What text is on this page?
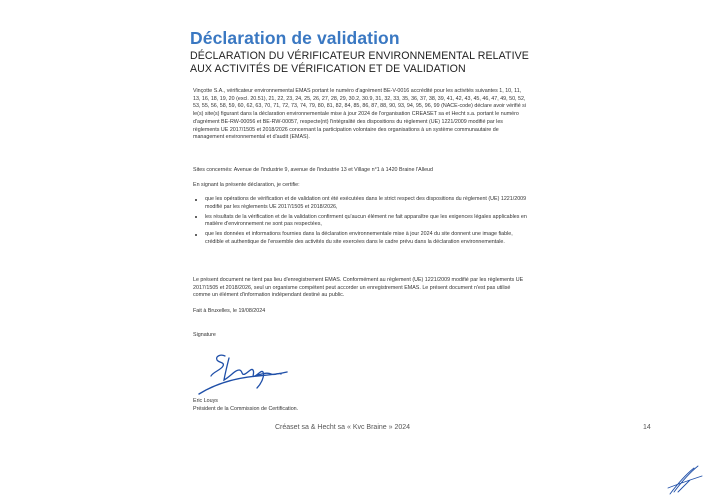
Déclaration de validation

DÉCLARATION DU VÉRIFICATEUR ENVIRONNEMENTAL RELATIVE
AUX ACTIVITÉS DE VÉRIFICATION ET DE VALIDATION

Vinçotte S.A., vérificateur environnemental EMAS portant le numéro d'agrément BE-V-0016 accrédité pour les activités suivantes 1, 10, 11, 13, 16, 18, 19, 20 (excl. 20.51), 21, 22, 23, 24, 25, 26, 27, 28, 29, 30.2, 30.9, 31, 32, 33, 35, 36, 37, 38, 39, 41, 42, 43, 45, 46, 47, 49, 50, 52, 53, 55, 56, 58, 59, 60, 62, 63, 70, 71, 72, 73, 74, 79, 80, 81, 82, 84, 85, 86, 87, 88, 90, 93, 94, 95, 96, 99 (NACE-code) déclare avoir vérifié si le(s) site(s) figurant dans la déclaration environnementale mise à jour 2024 de l'organisation CREASET sa et Hecht s.a. portant le numéro d'agrément BE-RW-00056 et BE-RW-00057, respecte(nt) l'intégralité des dispositions du règlement (UE) 1221/2009 modifié par les règlements UE 2017/1505 et 2018/2026 concernant la participation volontaire des organisations à un système communautaire de management environnemental et d'audit (EMAS).

Sites concernés: Avenue de l'industrie 9, avenue de l'industrie 13 et Village n°1 à 1420 Braine l'Alleud

En signant la présente déclaration, je certifie:

que les opérations de vérification et de validation ont été exécutées dans le strict respect des dispositions du règlement (UE) 1221/2009 modifié par les règlements UE 2017/1505 et 2018/2026,
les résultats de la vérification et de la validation confirment qu'aucun élément ne fait apparaître que les exigences légales applicables en matière d'environnement ne sont pas respectées,
que les données et informations fournies dans la déclaration environnementale mise à jour 2024 du site donnent une image fiable, crédible et authentique de l'ensemble des activités du site exercées dans le cadre prévu dans la déclaration environnementale.

Le présent document ne tient pas lieu d'enregistrement EMAS. Conformément au règlement (UE) 1221/2009 modifié par les règlements UE 2017/1505 et 2018/2026, seul un organisme compétent peut accorder un enregistrement EMAS. Le présent document n'est pas utilisé comme un élément d'information indépendant destiné au public.

Fait à Bruxelles, le 19/08/2024

Signature

Eric Louys
Président de la Commission de Certification.
Créaset sa & Hecht sa « Kvc Braine » 2024	14
